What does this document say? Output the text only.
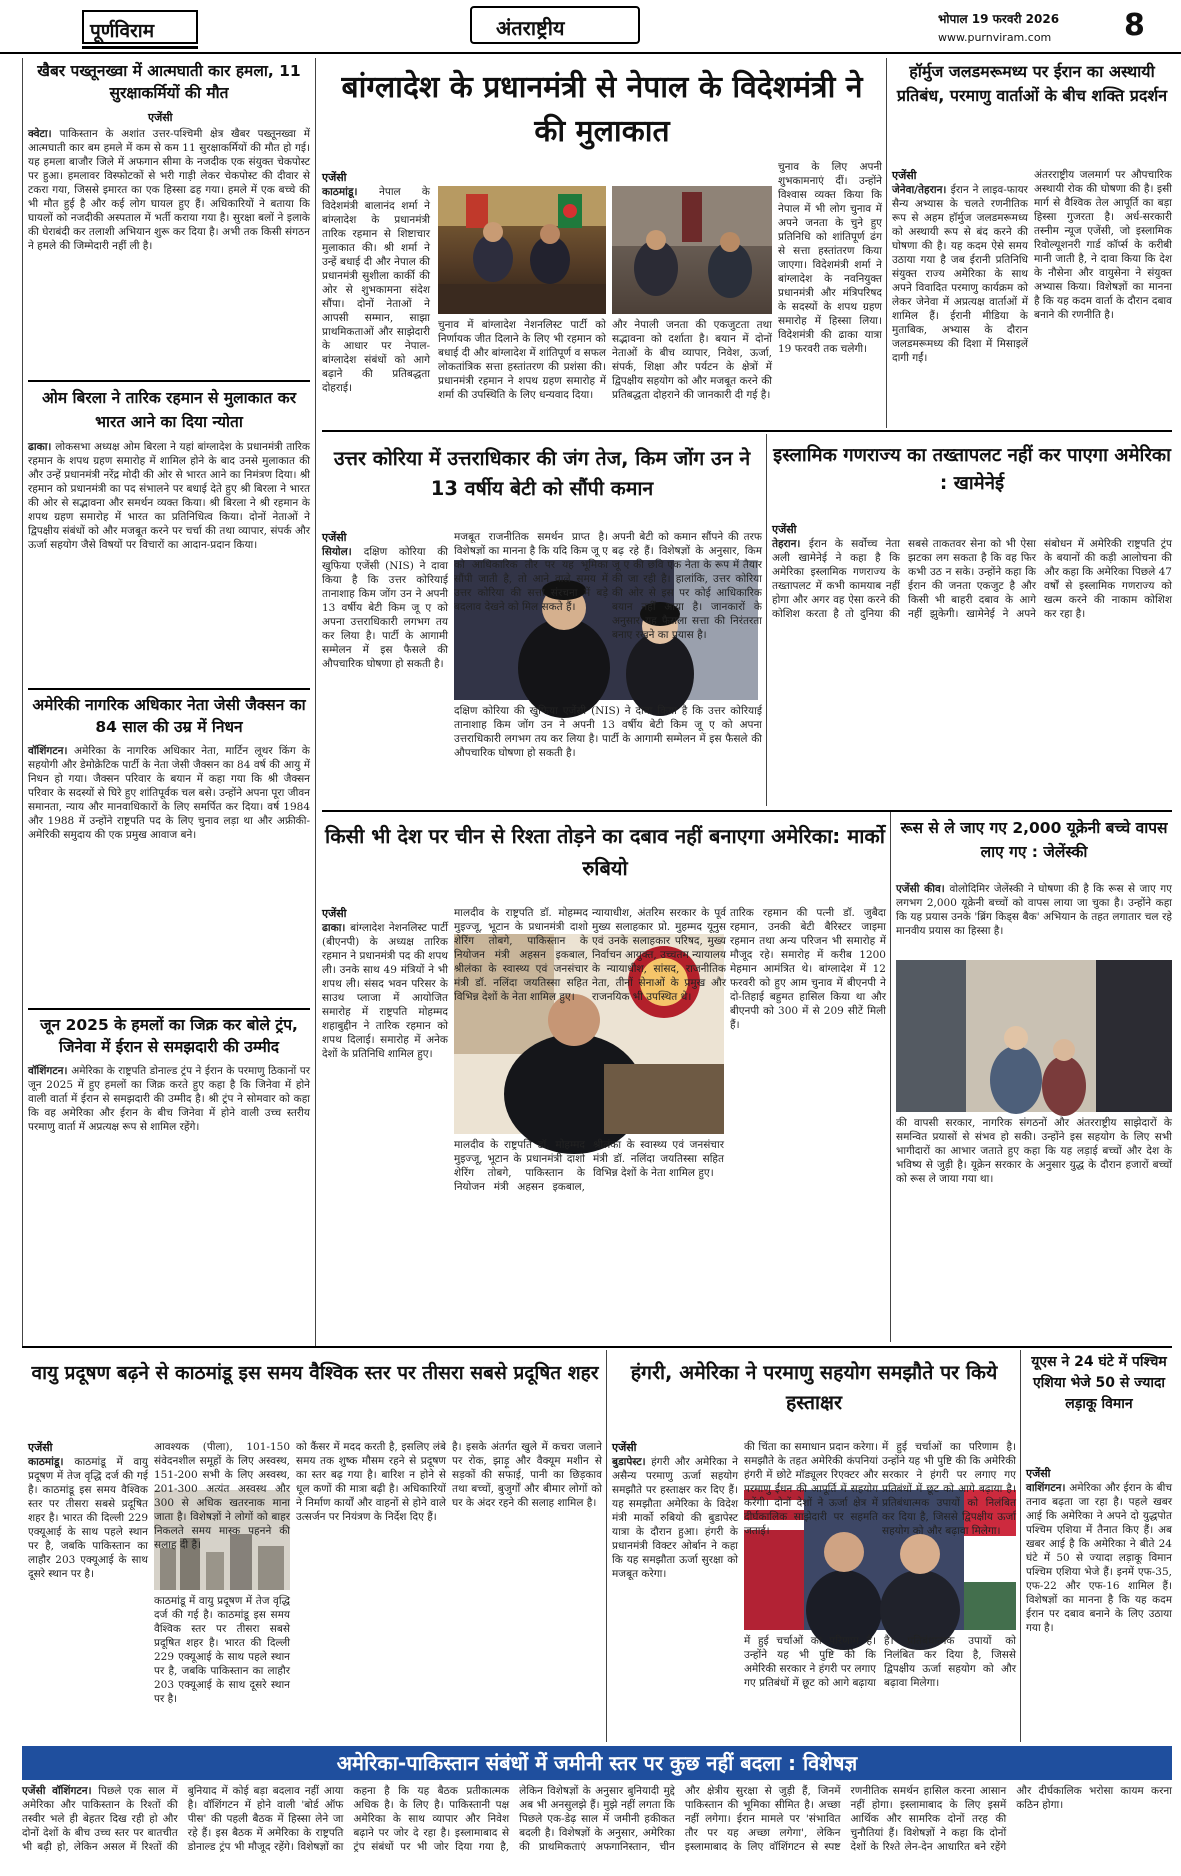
पूर्णविराम	अंतराष्ट्रीय	भोपाल 19 फरवरी 2026
www.purnviram.com	8
खैबर पख्तूनख्वा में आत्मघाती कार हमला, 11 सुरक्षाकर्मियों की मौत
एजेंसी
क्वेटा। पाकिस्तान के अशांत उत्तर-पश्चिमी क्षेत्र खैबर पख्तूनख्वा में आत्मघाती कार बम हमले में कम से कम 11 सुरक्षाकर्मियों की मौत हो गई। यह हमला बाजौर जिले में अफगान सीमा के नजदीक एक संयुक्त चेकपोस्ट पर हुआ। हमलावर विस्फोटकों से भरी गाड़ी लेकर चेकपोस्ट की दीवार से टकरा गया, जिससे इमारत का एक हिस्सा ढह गया। हमले में एक बच्चे की भी मौत हुई है और कई लोग घायल हुए हैं। अधिकारियों ने बताया कि घायलों को नजदीकी अस्पताल में भर्ती कराया गया है। सुरक्षा बलों ने इलाके की घेराबंदी कर तलाशी अभियान शुरू कर दिया है। अभी तक किसी संगठन ने हमले की जिम्मेदारी नहीं ली है।
ओम बिरला ने तारिक रहमान से मुलाकात कर भारत आने का दिया न्योता
ढाका। लोकसभा अध्यक्ष ओम बिरला ने यहां बांग्लादेश के प्रधानमंत्री तारिक रहमान के शपथ ग्रहण समारोह में शामिल होने के बाद उनसे मुलाकात की और उन्हें प्रधानमंत्री नरेंद्र मोदी की ओर से भारत आने का निमंत्रण दिया। श्री रहमान को प्रधानमंत्री का पद संभालने पर बधाई देते हुए श्री बिरला ने भारत की ओर से सद्भावना और समर्थन व्यक्त किया। श्री बिरला ने श्री रहमान के शपथ ग्रहण समारोह में भारत का प्रतिनिधित्व किया। दोनों नेताओं ने द्विपक्षीय संबंधों को और मजबूत करने पर चर्चा की तथा व्यापार, संपर्क और ऊर्जा सहयोग जैसे विषयों पर विचारों का आदान-प्रदान किया।
अमेरिकी नागरिक अधिकार नेता जेसी जैक्सन का 84 साल की उम्र में निधन
वॉशिंगटन। अमेरिका के नागरिक अधिकार नेता, मार्टिन लूथर किंग के सहयोगी और डेमोक्रेटिक पार्टी के नेता जेसी जैक्सन का 84 वर्ष की आयु में निधन हो गया। जैक्सन परिवार के बयान में कहा गया कि श्री जैक्सन परिवार के सदस्यों से घिरे हुए शांतिपूर्वक चल बसे। उन्होंने अपना पूरा जीवन समानता, न्याय और मानवाधिकारों के लिए समर्पित कर दिया। वर्ष 1984 और 1988 में उन्होंने राष्ट्रपति पद के लिए चुनाव लड़ा था और अफ्रीकी-अमेरिकी समुदाय की एक प्रमुख आवाज बने।
जून 2025 के हमलों का जिक्र कर बोले ट्रंप, जिनेवा में ईरान से समझदारी की उम्मीद
वॉशिंगटन। अमेरिका के राष्ट्रपति डोनाल्ड ट्रंप ने ईरान के परमाणु ठिकानों पर जून 2025 में हुए हमलों का जिक्र करते हुए कहा है कि जिनेवा में होने वाली वार्ता में ईरान से समझदारी की उम्मीद है। श्री ट्रंप ने सोमवार को कहा कि वह अमेरिका और ईरान के बीच जिनेवा में होने वाली उच्च स्तरीय परमाणु वार्ता में अप्रत्यक्ष रूप से शामिल रहेंगे।
बांग्लादेश के प्रधानमंत्री से नेपाल के विदेशमंत्री ने की मुलाकात
एजेंसी
काठमांडू। नेपाल के विदेशमंत्री बालानंद शर्मा ने बांग्लादेश के प्रधानमंत्री तारिक रहमान से शिष्टाचार मुलाकात की। श्री शर्मा ने उन्हें बधाई दी और नेपाल की प्रधानमंत्री सुशीला कार्की की ओर से शुभकामना संदेश सौंपा। दोनों नेताओं ने आपसी सम्मान, साझा प्राथमिकताओं और साझेदारी के आधार पर नेपाल-बांग्लादेश संबंधों को आगे बढ़ाने की प्रतिबद्धता दोहराई।
चुनाव में बांग्लादेश नेशनलिस्ट पार्टी को निर्णायक जीत दिलाने के लिए भी रहमान को बधाई दी और बांग्लादेश में शांतिपूर्ण व सफल लोकतांत्रिक सत्ता हस्तांतरण की प्रशंसा की। प्रधानमंत्री रहमान ने शपथ ग्रहण समारोह में शर्मा की उपस्थिति के लिए धन्यवाद दिया।
और नेपाली जनता की एकजुटता तथा सद्भावना को दर्शाता है। बयान में दोनों नेताओं के बीच व्यापार, निवेश, ऊर्जा, संपर्क, शिक्षा और पर्यटन के क्षेत्रों में द्विपक्षीय सहयोग को और मजबूत करने की प्रतिबद्धता दोहराने की जानकारी दी गई है।
चुनाव के लिए अपनी शुभकामनाएं दीं। उन्होंने विश्वास व्यक्त किया कि नेपाल में भी लोग चुनाव में अपने जनता के चुने हुए प्रतिनिधि को शांतिपूर्ण ढंग से सत्ता हस्तांतरण किया जाएगा। विदेशमंत्री शर्मा ने बांग्लादेश के नवनियुक्त प्रधानमंत्री और मंत्रिपरिषद के सदस्यों के शपथ ग्रहण समारोह में हिस्सा लिया। विदेशमंत्री की ढाका यात्रा 19 फरवरी तक चलेगी।
हॉर्मुज जलडमरूमध्य पर ईरान का अस्थायी प्रतिबंध, परमाणु वार्ताओं के बीच शक्ति प्रदर्शन
एजेंसी
जेनेवा/तेहरान। ईरान ने लाइव-फायर सैन्य अभ्यास के चलते रणनीतिक रूप से अहम हॉर्मुज जलडमरूमध्य को अस्थायी रूप से बंद करने की घोषणा की है। यह कदम ऐसे समय उठाया गया है जब ईरानी प्रतिनिधि संयुक्त राज्य अमेरिका के साथ अपने विवादित परमाणु कार्यक्रम को लेकर जेनेवा में अप्रत्यक्ष वार्ताओं में शामिल हैं। ईरानी मीडिया के मुताबिक, अभ्यास के दौरान जलडमरूमध्य की दिशा में मिसाइलें दागी गईं।
अंतरराष्ट्रीय जलमार्ग पर औपचारिक अस्थायी रोक की घोषणा की है। इसी मार्ग से वैश्विक तेल आपूर्ति का बड़ा हिस्सा गुजरता है। अर्ध-सरकारी तस्नीम न्यूज एजेंसी, जो इस्लामिक रिवोल्यूशनरी गार्ड कॉर्प्स के करीबी मानी जाती है, ने दावा किया कि देश के नौसेना और वायुसेना ने संयुक्त अभ्यास किया। विशेषज्ञों का मानना है कि यह कदम वार्ता के दौरान दबाव बनाने की रणनीति है।
उत्तर कोरिया में उत्तराधिकार की जंग तेज, किम जोंग उन ने 13 वर्षीय बेटी को सौंपी कमान
एजेंसी
सियोल। दक्षिण कोरिया की खुफिया एजेंसी (NIS) ने दावा किया है कि उत्तर कोरियाई तानाशाह किम जोंग उन ने अपनी 13 वर्षीय बेटी किम जू ए को अपना उत्तराधिकारी लगभग तय कर लिया है। पार्टी के आगामी सम्मेलन में इस फैसले की औपचारिक घोषणा हो सकती है।
मजबूत राजनीतिक समर्थन प्राप्त है। विशेषज्ञों का मानना है कि यदि किम जू ए को आधिकारिक तौर पर यह भूमिका सौंपी जाती है, तो आने वाले समय में उत्तर कोरिया की सत्ता संरचना में बड़े बदलाव देखने को मिल सकते हैं।
अपनी बेटी को कमान सौंपने की तरफ बढ़ रहे हैं। विशेषज्ञों के अनुसार, किम जू ए की छवि एक नेता के रूप में तैयार की जा रही है। हालांकि, उत्तर कोरिया की ओर से इस पर कोई आधिकारिक बयान नहीं आया है। जानकारों के अनुसार यह फैसला सत्ता की निरंतरता बनाए रखने का प्रयास है।
दक्षिण कोरिया की खुफिया एजेंसी (NIS) ने दावा किया है कि उत्तर कोरियाई तानाशाह किम जोंग उन ने अपनी 13 वर्षीय बेटी किम जू ए को अपना उत्तराधिकारी लगभग तय कर लिया है। पार्टी के आगामी सम्मेलन में इस फैसले की औपचारिक घोषणा हो सकती है।
इस्लामिक गणराज्य का तख्तापलट नहीं कर पाएगा अमेरिका : खामेनेई
एजेंसी
तेहरान। ईरान के सर्वोच्च नेता अली खामेनेई ने कहा है कि अमेरिका इस्लामिक गणराज्य के तख्तापलट में कभी कामयाब नहीं होगा और अगर वह ऐसा करने की कोशिश करता है तो दुनिया की सबसे ताकतवर सेना को भी ऐसा झटका लग सकता है कि वह फिर कभी उठ न सके। उन्होंने कहा कि ईरान की जनता एकजुट है और किसी भी बाहरी दबाव के आगे नहीं झुकेगी। खामेनेई ने अपने संबोधन में अमेरिकी राष्ट्रपति ट्रंप के बयानों की कड़ी आलोचना की और कहा कि अमेरिका पिछले 47 वर्षों से इस्लामिक गणराज्य को खत्म करने की नाकाम कोशिश कर रहा है।
किसी भी देश पर चीन से रिश्ता तोड़ने का दबाव नहीं बनाएगा अमेरिका: मार्को रुबियो
एजेंसी
ढाका। बांग्लादेश नेशनलिस्ट पार्टी (बीएनपी) के अध्यक्ष तारिक रहमान ने प्रधानमंत्री पद की शपथ ली। उनके साथ 49 मंत्रियों ने भी शपथ ली। संसद भवन परिसर के साउथ प्लाजा में आयोजित समारोह में राष्ट्रपति मोहम्मद शहाबुद्दीन ने तारिक रहमान को शपथ दिलाई। समारोह में अनेक देशों के प्रतिनिधि शामिल हुए।
मालदीव के राष्ट्रपति डॉ. मोहम्मद मुइज्जू, भूटान के प्रधानमंत्री दाशो शेरिंग तोबगे, पाकिस्तान के नियोजन मंत्री अहसन इकबाल, श्रीलंका के स्वास्थ्य एवं जनसंचार मंत्री डॉ. नलिंदा जयतिस्सा सहित विभिन्न देशों के नेता शामिल हुए।
न्यायाधीश, अंतरिम सरकार के पूर्व मुख्य सलाहकार प्रो. मुहम्मद यूनुस एवं उनके सलाहकार परिषद, मुख्य निर्वाचन आयुक्त, उच्चतम न्यायालय के न्यायाधीश, सांसद, राजनीतिक नेता, तीनों सेनाओं के प्रमुख और राजनयिक भी उपस्थित थे।
मालदीव के राष्ट्रपति डॉ. मोहम्मद मुइज्जू, भूटान के प्रधानमंत्री दाशो शेरिंग तोबगे, पाकिस्तान के नियोजन मंत्री अहसन इकबाल, श्रीलंका के स्वास्थ्य एवं जनसंचार मंत्री डॉ. नलिंदा जयतिस्सा सहित विभिन्न देशों के नेता शामिल हुए।
तारिक रहमान की पत्नी डॉ. जुबैदा रहमान, उनकी बेटी बैरिस्टर जाइमा रहमान तथा अन्य परिजन भी समारोह में मौजूद रहे। समारोह में करीब 1200 मेहमान आमंत्रित थे। बांग्लादेश में 12 फरवरी को हुए आम चुनाव में बीएनपी ने दो-तिहाई बहुमत हासिल किया था और बीएनपी को 300 में से 209 सीटें मिली हैं।
रूस से ले जाए गए 2,000 यूक्रेनी बच्चे वापस लाए गए : जेलेंस्की
एजेंसी कीव। वोलोदिमिर जेलेंस्की ने घोषणा की है कि रूस से जाए गए लगभग 2,000 यूक्रेनी बच्चों को वापस लाया जा चुका है। उन्होंने कहा कि यह प्रयास उनके 'ब्रिंग किड्स बैक' अभियान के तहत लगातार चल रहे मानवीय प्रयास का हिस्सा है।
की वापसी सरकार, नागरिक संगठनों और अंतरराष्ट्रीय साझेदारों के समन्वित प्रयासों से संभव हो सकी। उन्होंने इस सहयोग के लिए सभी भागीदारों का आभार जताते हुए कहा कि यह लड़ाई बच्चों और देश के भविष्य से जुड़ी है। यूक्रेन सरकार के अनुसार युद्ध के दौरान हजारों बच्चों को रूस ले जाया गया था।
वायु प्रदूषण बढ़ने से काठमांडू इस समय वैश्विक स्तर पर तीसरा सबसे प्रदूषित शहर
एजेंसी
काठमांडू। काठमांडू में वायु प्रदूषण में तेज वृद्धि दर्ज की गई है। काठमांडू इस समय वैश्विक स्तर पर तीसरा सबसे प्रदूषित शहर है। भारत की दिल्ली 229 एक्यूआई के साथ पहले स्थान पर है, जबकि पाकिस्तान का लाहौर 203 एक्यूआई के साथ दूसरे स्थान पर है।
आवश्यक (पीला), 101-150 संवेदनशील समूहों के लिए अस्वस्थ, 151-200 सभी के लिए अस्वस्थ, 201-300 अत्यंत अस्वस्थ और 300 से अधिक खतरनाक माना जाता है। विशेषज्ञों ने लोगों को बाहर निकलते समय मास्क पहनने की सलाह दी है।
काठमांडू में वायु प्रदूषण में तेज वृद्धि दर्ज की गई है। काठमांडू इस समय वैश्विक स्तर पर तीसरा सबसे प्रदूषित शहर है। भारत की दिल्ली 229 एक्यूआई के साथ पहले स्थान पर है, जबकि पाकिस्तान का लाहौर 203 एक्यूआई के साथ दूसरे स्थान पर है।
को कैंसर में मदद करती है, इसलिए लंबे समय तक शुष्क मौसम रहने से प्रदूषण का स्तर बढ़ गया है। बारिश न होने से धूल कणों की मात्रा बढ़ी है। अधिकारियों ने निर्माण कार्यों और वाहनों से होने वाले उत्सर्जन पर नियंत्रण के निर्देश दिए हैं।
है। इसके अंतर्गत खुले में कचरा जलाने पर रोक, झाड़ू और वैक्यूम मशीन से सड़कों की सफाई, पानी का छिड़काव तथा बच्चों, बुजुर्गों और बीमार लोगों को घर के अंदर रहने की सलाह शामिल है।
हंगरी, अमेरिका ने परमाणु सहयोग समझौते पर किये हस्ताक्षर
एजेंसी
बुडापेस्ट। हंगरी और अमेरिका ने असैन्य परमाणु ऊर्जा सहयोग समझौते पर हस्ताक्षर कर दिए हैं। यह समझौता अमेरिका के विदेश मंत्री मार्को रुबियो की बुडापेस्ट यात्रा के दौरान हुआ। हंगरी के प्रधानमंत्री विक्टर ओर्बान ने कहा कि यह समझौता ऊर्जा सुरक्षा को मजबूत करेगा।
की चिंता का समाधान प्रदान करेगा। समझौते के तहत अमेरिकी कंपनियां हंगरी में छोटे मॉड्यूलर रिएक्टर और परमाणु ईंधन की आपूर्ति में सहयोग करेंगी। दोनों देशों ने ऊर्जा क्षेत्र में दीर्घकालिक साझेदारी पर सहमति जताई।
में हुई चर्चाओं का परिणाम है। उन्होंने यह भी पुष्टि की कि अमेरिकी सरकार ने हंगरी पर लगाए गए प्रतिबंधों में छूट को आगे बढ़ाया है। प्रतिबंधात्मक उपायों को निलंबित कर दिया है, जिससे द्विपक्षीय ऊर्जा सहयोग को और बढ़ावा मिलेगा।
में हुई चर्चाओं का परिणाम है। उन्होंने यह भी पुष्टि की कि अमेरिकी सरकार ने हंगरी पर लगाए गए प्रतिबंधों में छूट को आगे बढ़ाया है। प्रतिबंधात्मक उपायों को निलंबित कर दिया है, जिससे द्विपक्षीय ऊर्जा सहयोग को और बढ़ावा मिलेगा।
यूएस ने 24 घंटे में पश्चिम एशिया भेजे 50 से ज्यादा लड़ाकू विमान
एजेंसी
वाशिंगटन। अमेरिका और ईरान के बीच तनाव बढ़ता जा रहा है। पहले खबर आई कि अमेरिका ने अपने दो युद्धपोत पश्चिम एशिया में तैनात किए हैं। अब खबर आई है कि अमेरिका ने बीते 24 घंटे में 50 से ज्यादा लड़ाकू विमान पश्चिम एशिया भेजे हैं। इनमें एफ-35, एफ-22 और एफ-16 शामिल हैं। विशेषज्ञों का मानना है कि यह कदम ईरान पर दबाव बनाने के लिए उठाया गया है।
अमेरिका-पाकिस्तान संबंधों में जमीनी स्तर पर कुछ नहीं बदला : विशेषज्ञ
एजेंसी वॉशिंगटन। पिछले एक साल में अमेरिका और पाकिस्तान के रिश्तों की तस्वीर भले ही बेहतर दिख रही हो और दोनों देशों के बीच उच्च स्तर पर बातचीत भी बढ़ी हो, लेकिन असल में रिश्तों की बुनियाद में कोई बड़ा बदलाव नहीं आया है। वॉशिंगटन में होने वाली 'बोर्ड ऑफ पीस' की पहली बैठक में हिस्सा लेने जा रहे हैं। इस बैठक में अमेरिका के राष्ट्रपति डोनाल्ड ट्रंप भी मौजूद रहेंगे। विशेषज्ञों का कहना है कि यह बैठक प्रतीकात्मक अधिक है। के लिए है। पाकिस्तानी पक्ष अमेरिका के साथ व्यापार और निवेश बढ़ाने पर जोर दे रहा है। इस्लामाबाद से ट्रंप संबंधों पर भी जोर दिया गया है, लेकिन विशेषज्ञों के अनुसार बुनियादी मुद्दे अब भी अनसुलझे हैं। मुझे नहीं लगता कि पिछले एक-डेढ़ साल में जमीनी हकीकत बदली है। विशेषज्ञों के अनुसार, अमेरिका की प्राथमिकताएं अफगानिस्तान, चीन और क्षेत्रीय सुरक्षा से जुड़ी हैं, जिनमें पाकिस्तान की भूमिका सीमित है। अच्छा नहीं लगेगा। ईरान मामले पर 'संभावित तौर पर यह अच्छा लगेगा', लेकिन इस्लामाबाद के लिए वॉशिंगटन से स्पष्ट रणनीतिक समर्थन हासिल करना आसान नहीं होगा। इस्लामाबाद के लिए इसमें आर्थिक और सामरिक दोनों तरह की चुनौतियां हैं। विशेषज्ञों ने कहा कि दोनों देशों के रिश्ते लेन-देन आधारित बने रहेंगे और दीर्घकालिक भरोसा कायम करना कठिन होगा।
